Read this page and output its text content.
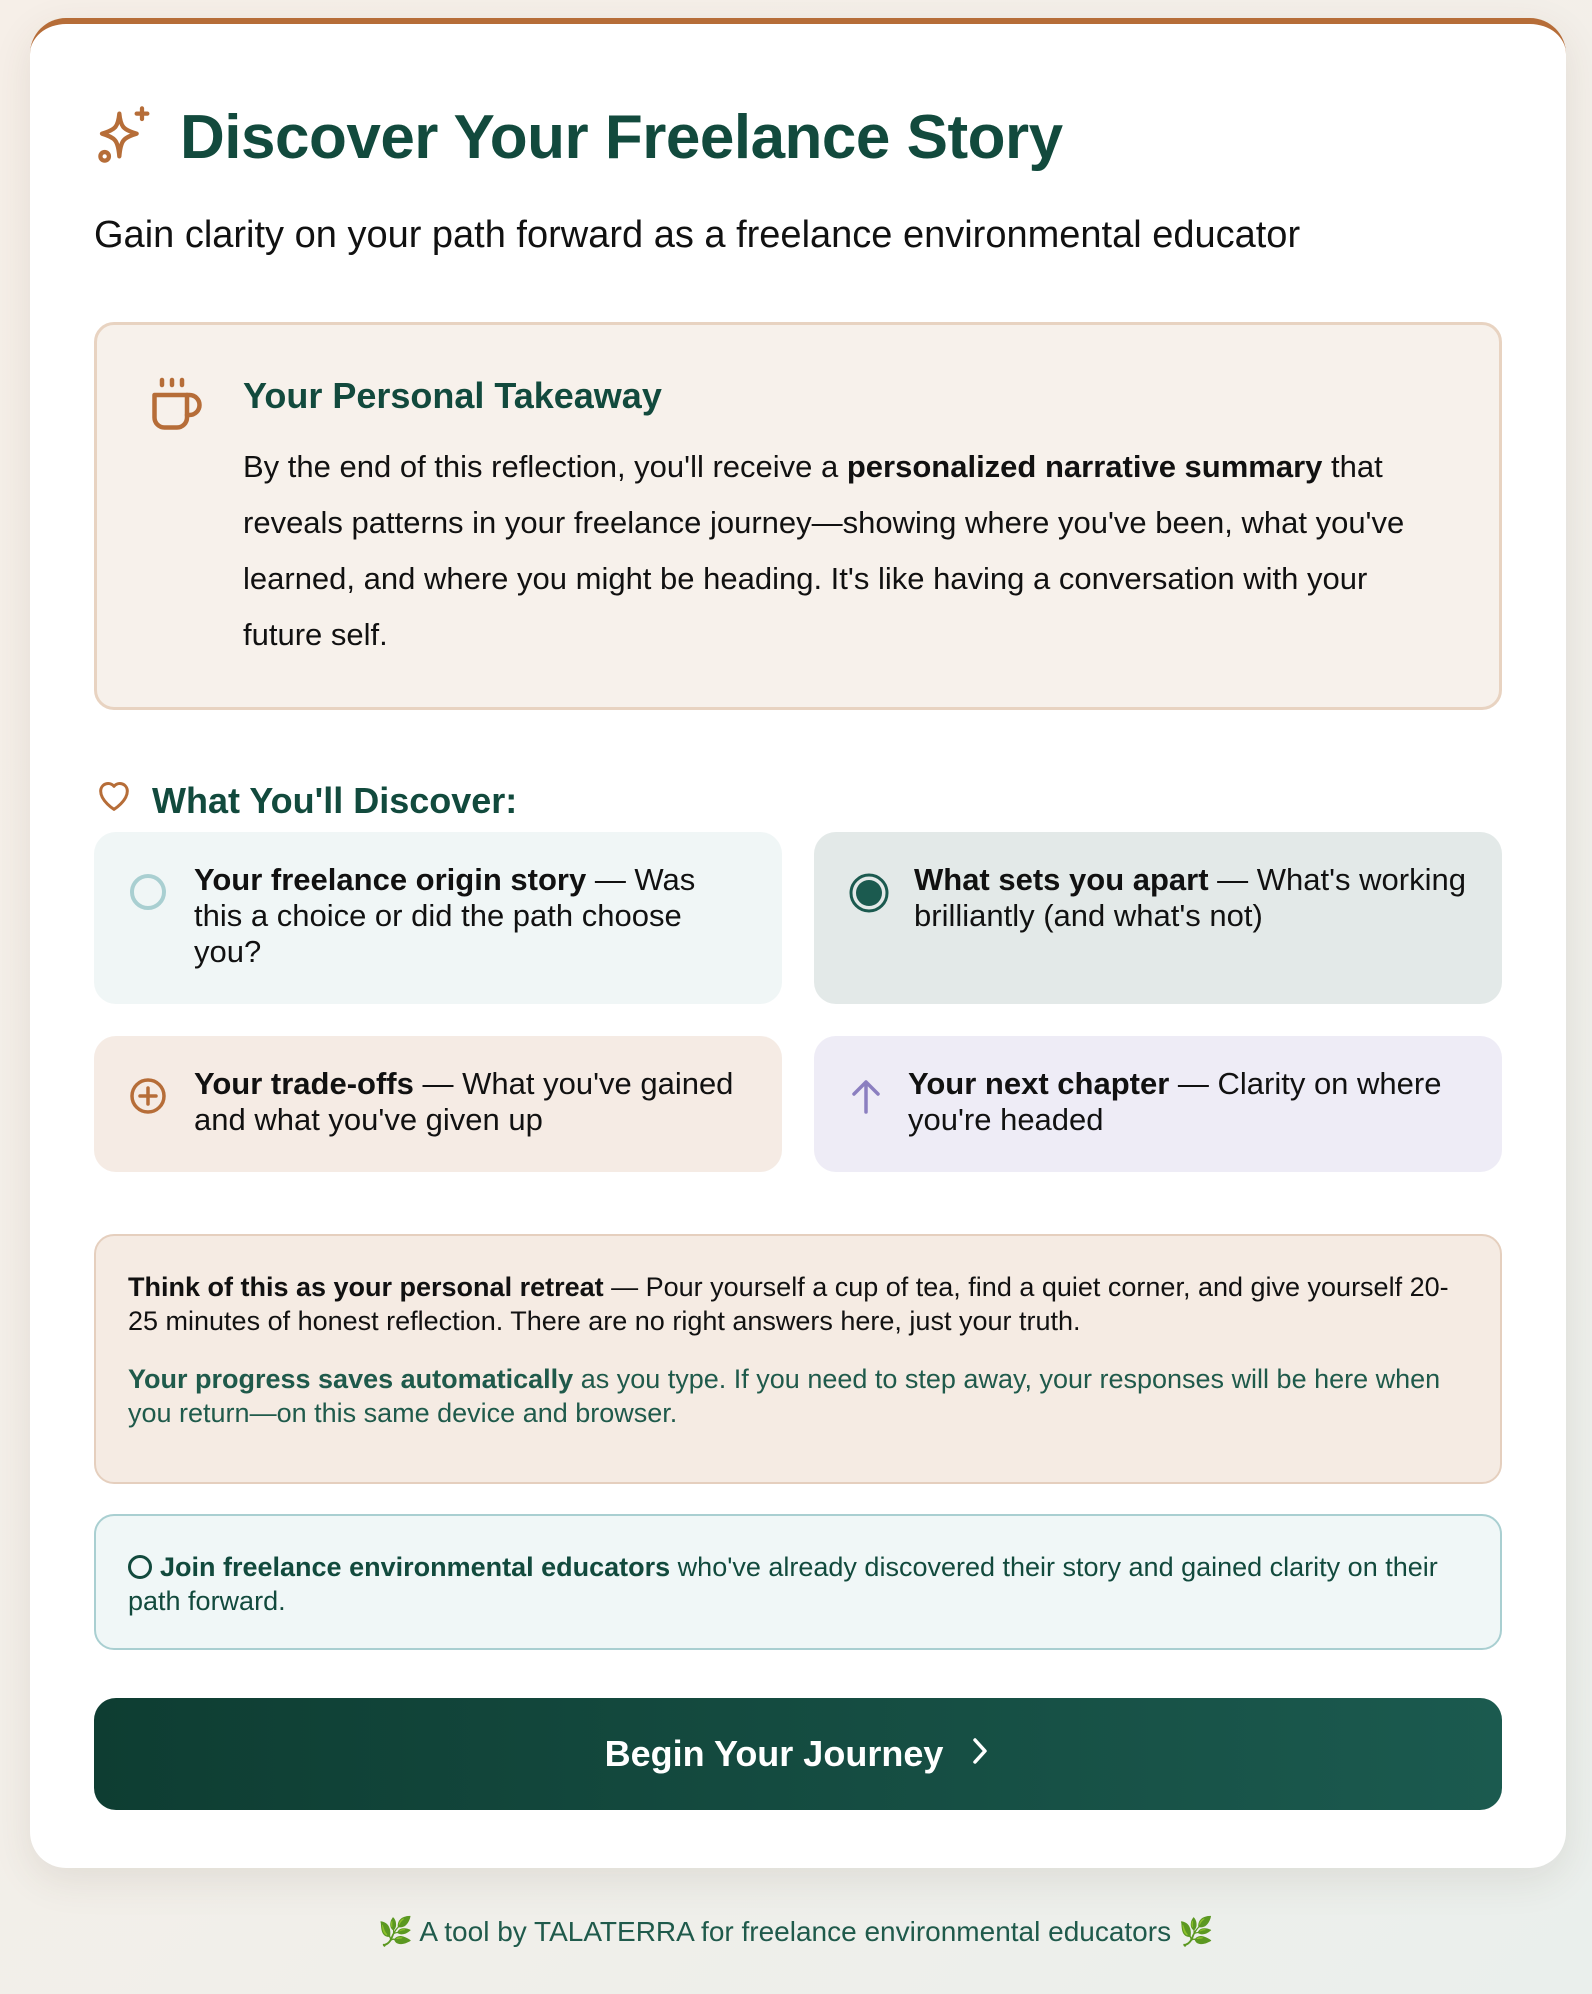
Discover Your Freelance Story
Gain clarity on your path forward as a freelance environmental educator
Your Personal Takeaway

By the end of this reflection, you'll receive a personalized narrative summary that reveals patterns in your freelance journey—showing where you've been, what you've learned, and where you might be heading. It's like having a conversation with your future self.

What You'll Discover:
Your freelance origin story — Was this a choice or did the path choose you?
What sets you apart — What's working brilliantly (and what's not)
Your trade-offs — What you've gained and what you've given up
Your next chapter — Clarity on where you're headed

Think of this as your personal retreat — Pour yourself a cup of tea, find a quiet corner, and give yourself 20-25 minutes of honest reflection. There are no right answers here, just your truth.

Your progress saves automatically as you type. If you need to step away, your responses will be here when you return—on this same device and browser.

Join freelance environmental educators who've already discovered their story and gained clarity on their path forward.
Begin Your Journey
🌿 A tool by TALATERRA for freelance environmental educators 🌿
